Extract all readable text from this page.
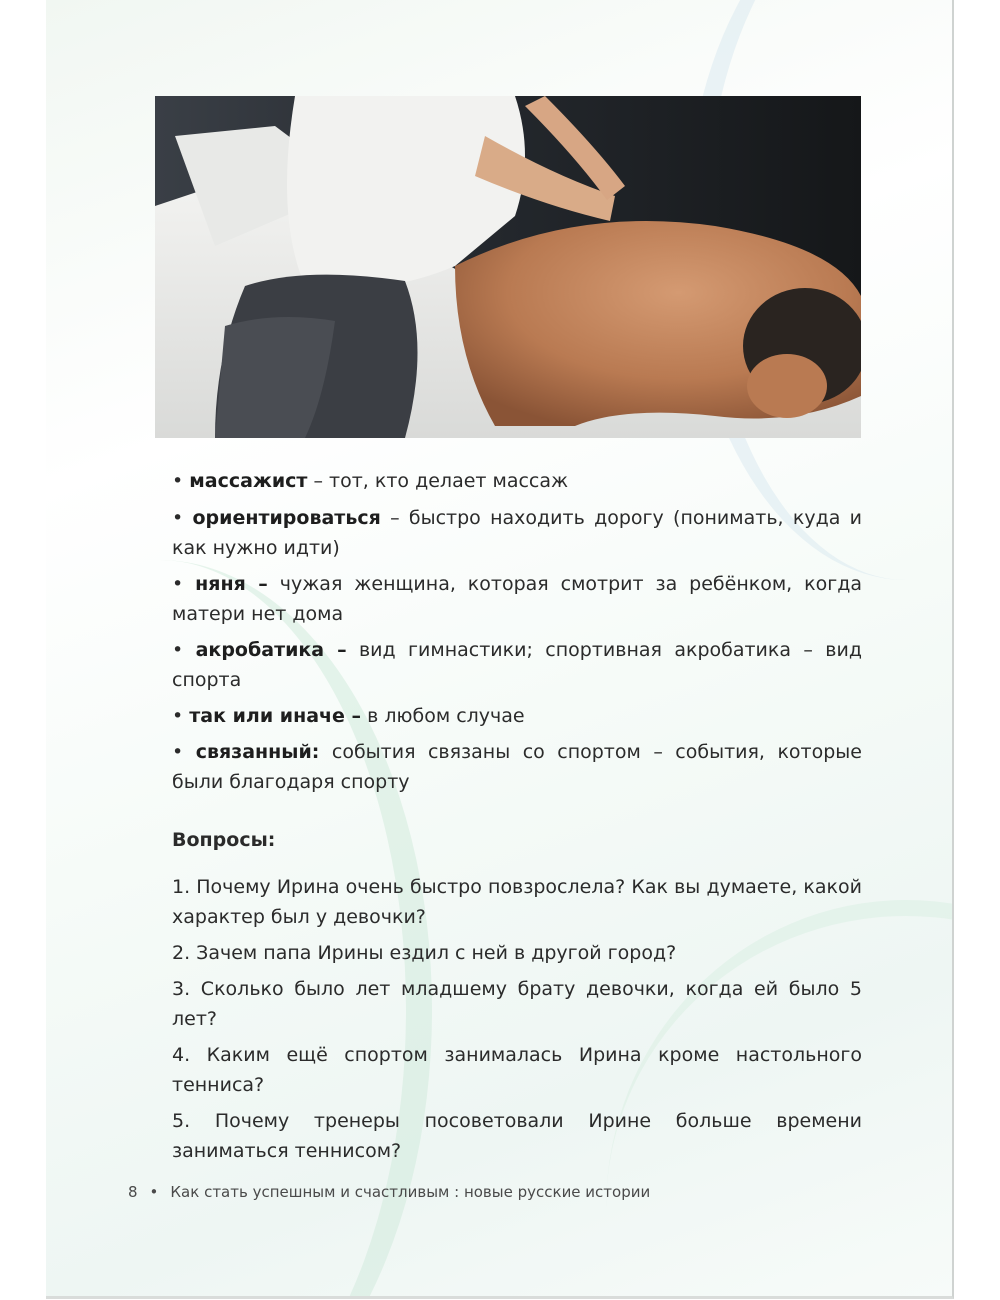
• массажист – тот, кто делает массаж

• ориентироваться – быстро находить дорогу (понимать, куда и как нужно идти)

• няня – чужая женщина, которая смотрит за ребёнком, когда матери нет дома

• акробатика – вид гимнастики; спортивная акробатика – вид спорта

• так или иначе – в любом случае

• связанный: события связаны со спортом – события, которые были благодаря спорту

Вопросы:

1. Почему Ирина очень быстро повзрослела? Как вы думаете, какой характер был у девочки?

2. Зачем папа Ирины ездил с ней в другой город?

3. Сколько было лет младшему брату девочки, когда ей было 5 лет?

4. Каким ещё спортом занималась Ирина кроме настольного тенниса?

5. Почему тренеры посоветовали Ирине больше времени заниматься теннисом?

8 • Как стать успешным и счастливым : новые русские истории
